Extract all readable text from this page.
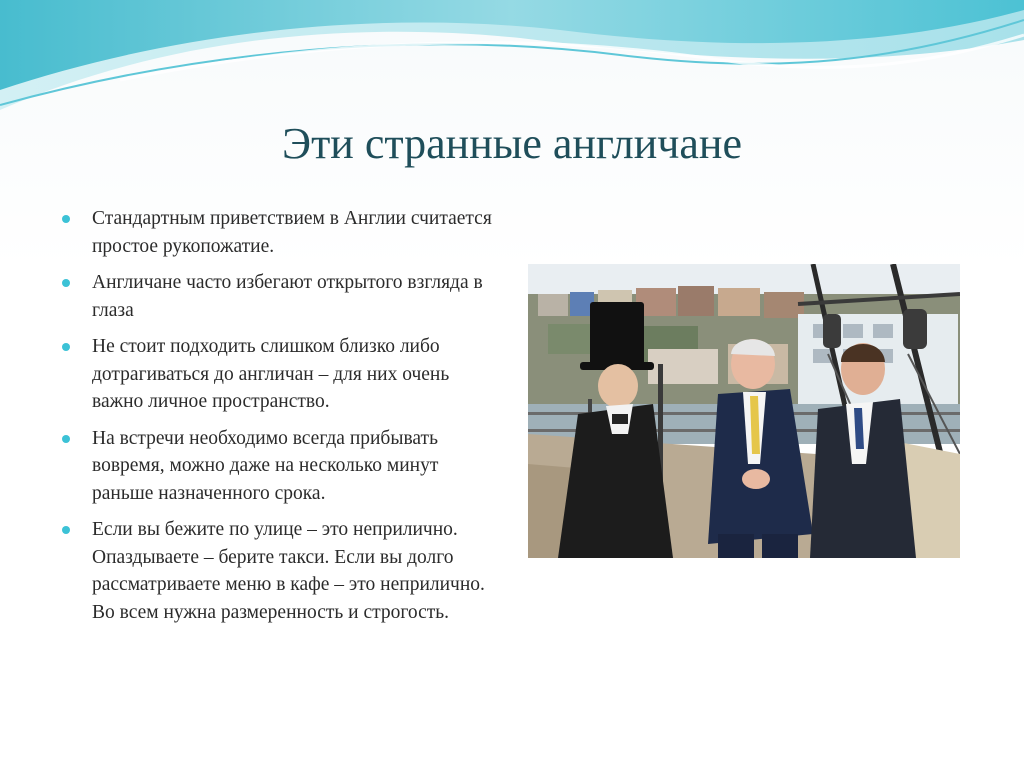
Эти странные англичане
Стандартным приветствием в Англии считается простое рукопожатие.
Англичане часто избегают открытого взгляда в глаза
Не стоит подходить слишком близко либо дотрагиваться до англичан – для них очень важно личное пространство.
На встречи необходимо всегда прибывать вовремя, можно даже на несколько минут раньше назначенного срока.
Если вы бежите по улице – это неприлично. Опаздываете – берите такси. Если вы долго рассматриваете меню в кафе – это неприлично. Во всем нужна размеренность и строгость.
